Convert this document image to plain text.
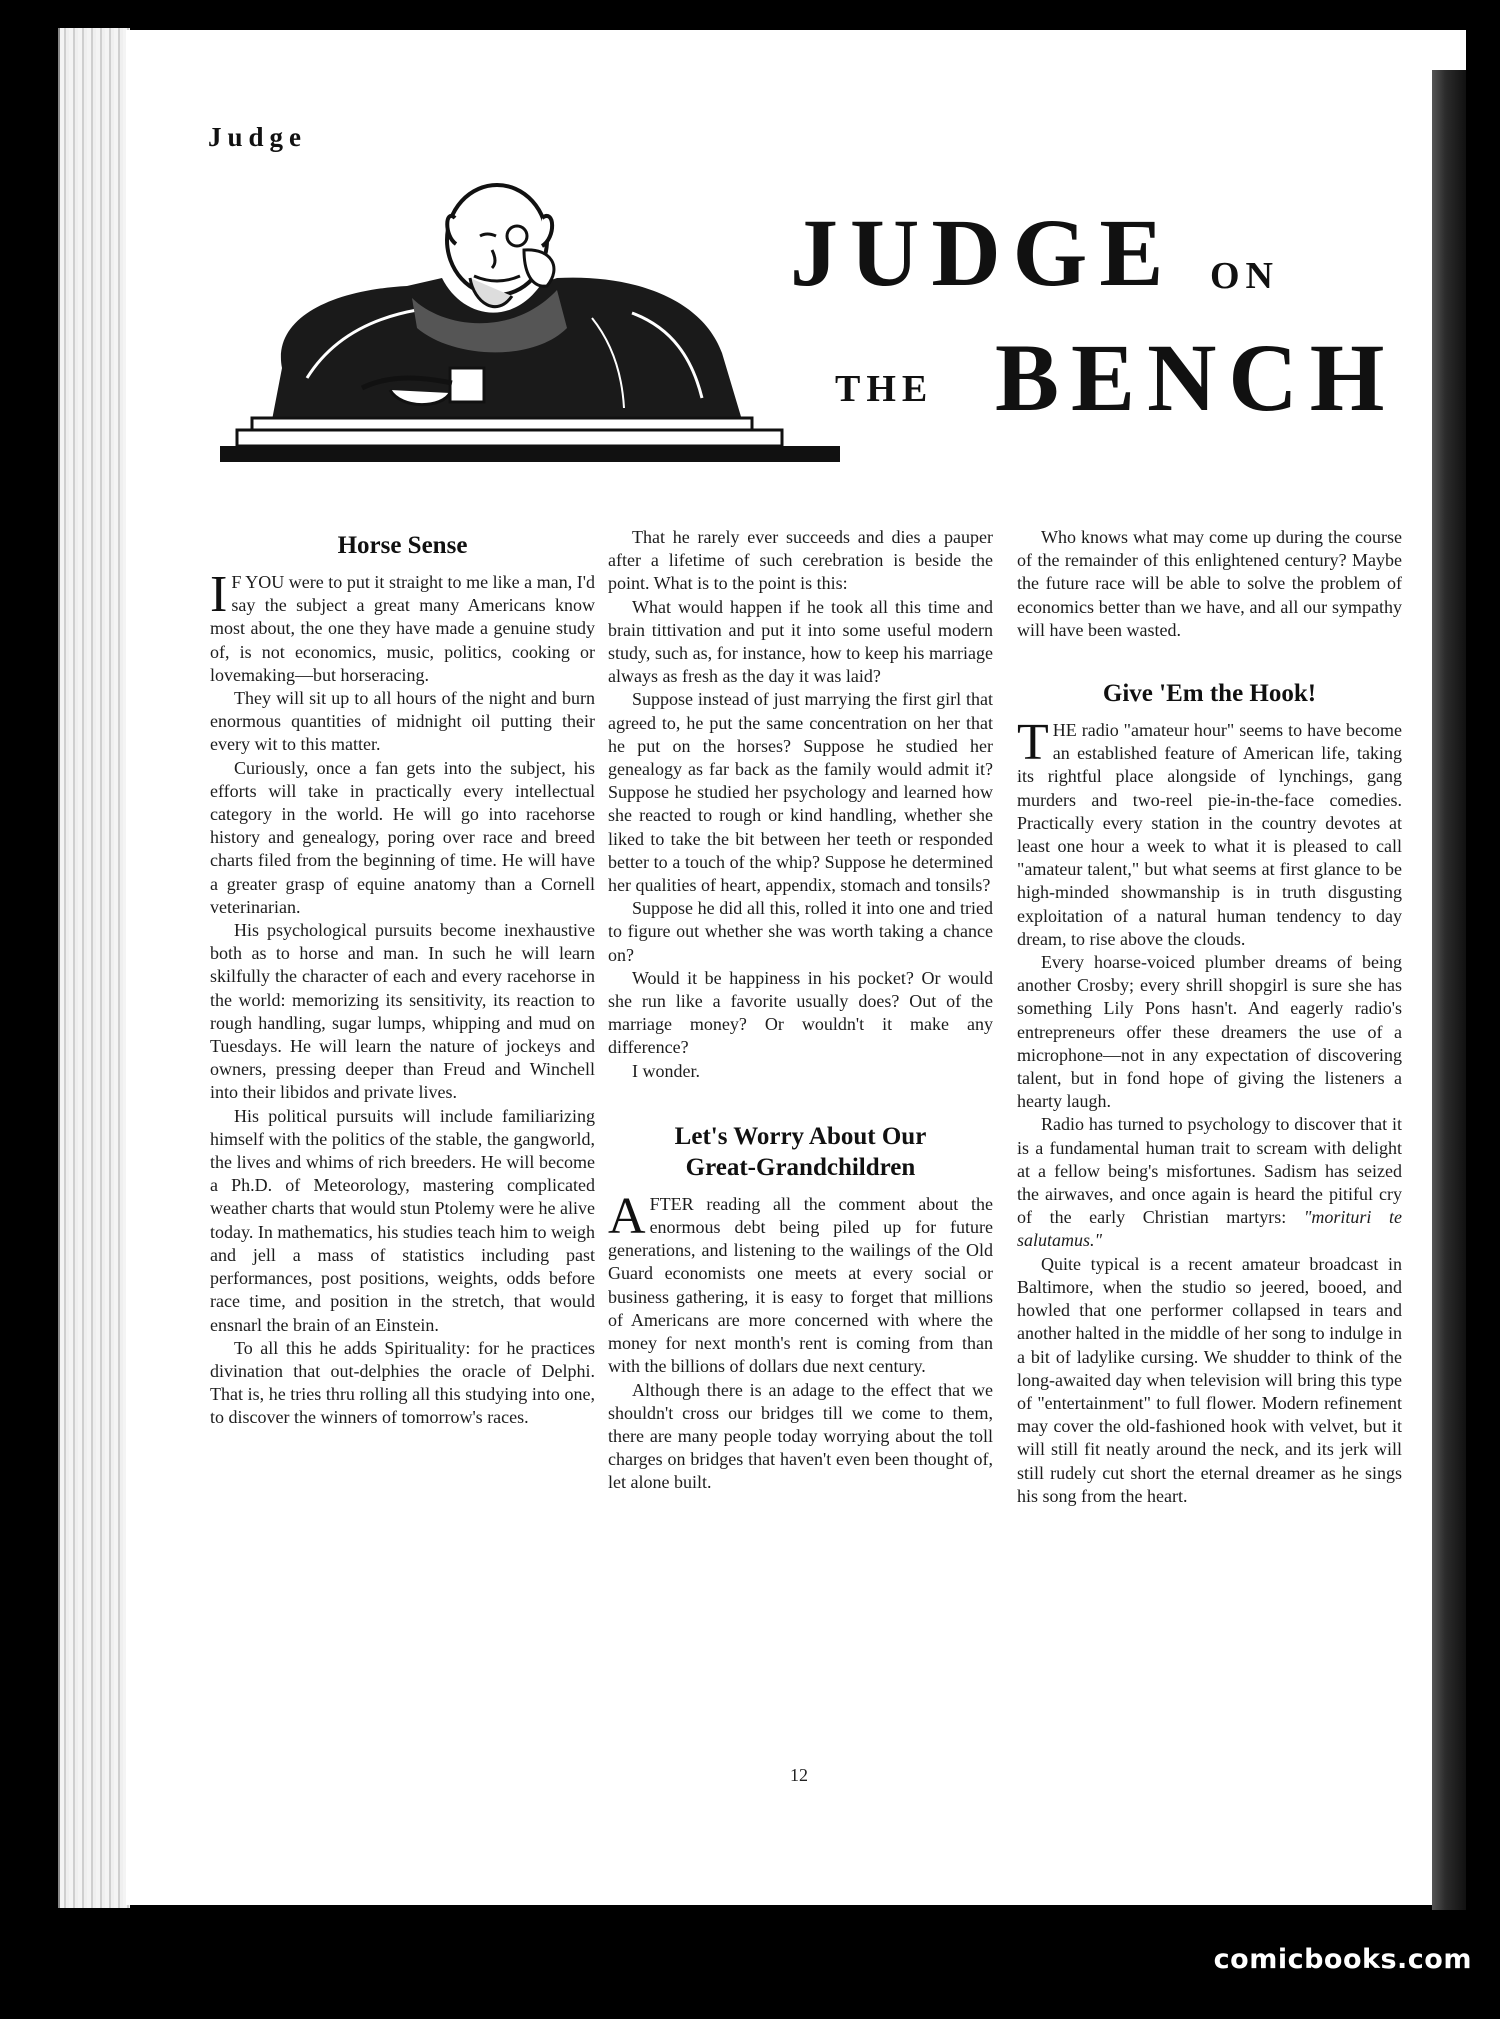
Judge
JUDGE ON
THE BENCH
Horse Sense

I F YOU were to put it straight to me like a man, I'd say the subject a great many Americans know most about, the one they have made a genuine study of, is not economics, music, politics, cooking or lovemaking—but horseracing.

They will sit up to all hours of the night and burn enormous quantities of midnight oil putting their every wit to this matter.

Curiously, once a fan gets into the subject, his efforts will take in practically every intellectual category in the world. He will go into racehorse history and genealogy, poring over race and breed charts filed from the beginning of time. He will have a greater grasp of equine anatomy than a Cornell veterinarian.

His psychological pursuits become inexhaustive both as to horse and man. In such he will learn skilfully the character of each and every racehorse in the world: memorizing its sensitivity, its reaction to rough handling, sugar lumps, whipping and mud on Tuesdays. He will learn the nature of jockeys and owners, pressing deeper than Freud and Winchell into their libidos and private lives.

His political pursuits will include familiarizing himself with the politics of the stable, the gangworld, the lives and whims of rich breeders. He will become a Ph.D. of Meteorology, mastering complicated weather charts that would stun Ptolemy were he alive today. In mathematics, his studies teach him to weigh and jell a mass of statistics including past performances, post positions, weights, odds before race time, and position in the stretch, that would ensnarl the brain of an Einstein.

To all this he adds Spirituality: for he practices divination that out-delphies the oracle of Delphi. That is, he tries thru rolling all this studying into one, to discover the winners of tomorrow's races.

That he rarely ever succeeds and dies a pauper after a lifetime of such cerebration is beside the point. What is to the point is this:

What would happen if he took all this time and brain tittivation and put it into some useful modern study, such as, for instance, how to keep his marriage always as fresh as the day it was laid?

Suppose instead of just marrying the first girl that agreed to, he put the same concentration on her that he put on the horses? Suppose he studied her genealogy as far back as the family would admit it? Suppose he studied her psychology and learned how she reacted to rough or kind handling, whether she liked to take the bit between her teeth or responded better to a touch of the whip? Suppose he determined her qualities of heart, appendix, stomach and tonsils?

Suppose he did all this, rolled it into one and tried to figure out whether she was worth taking a chance on?

Would it be happiness in his pocket? Or would she run like a favorite usually does? Out of the marriage money? Or wouldn't it make any difference?

I wonder.

Let's Worry About Our
Great-Grandchildren

AFTER reading all the comment about the enormous debt being piled up for future generations, and listening to the wailings of the Old Guard economists one meets at every social or business gathering, it is easy to forget that millions of Americans are more concerned with where the money for next month's rent is coming from than with the billions of dollars due next century.

Although there is an adage to the effect that we shouldn't cross our bridges till we come to them, there are many people today worrying about the toll charges on bridges that haven't even been thought of, let alone built.

Who knows what may come up during the course of the remainder of this enlightened century? Maybe the future race will be able to solve the problem of economics better than we have, and all our sympathy will have been wasted.

Give 'Em the Hook!

THE radio "amateur hour" seems to have become an established feature of American life, taking its rightful place alongside of lynchings, gang murders and two-reel pie-in-the-face comedies. Practically every station in the country devotes at least one hour a week to what it is pleased to call "amateur talent," but what seems at first glance to be high-minded showmanship is in truth disgusting exploitation of a natural human tendency to day dream, to rise above the clouds.

Every hoarse-voiced plumber dreams of being another Crosby; every shrill shopgirl is sure she has something Lily Pons hasn't. And eagerly radio's entrepreneurs offer these dreamers the use of a microphone—not in any expectation of discovering talent, but in fond hope of giving the listeners a hearty laugh.

Radio has turned to psychology to discover that it is a fundamental human trait to scream with delight at a fellow being's misfortunes. Sadism has seized the airwaves, and once again is heard the pitiful cry of the early Christian martyrs: "morituri te salutamus."

Quite typical is a recent amateur broadcast in Baltimore, when the studio so jeered, booed, and howled that one performer collapsed in tears and another halted in the middle of her song to indulge in a bit of ladylike cursing. We shudder to think of the long-awaited day when television will bring this type of "entertainment" to full flower. Modern refinement may cover the old-fashioned hook with velvet, but it will still fit neatly around the neck, and its jerk will still rudely cut short the eternal dreamer as he sings his song from the heart.

12
comicbooks.com
